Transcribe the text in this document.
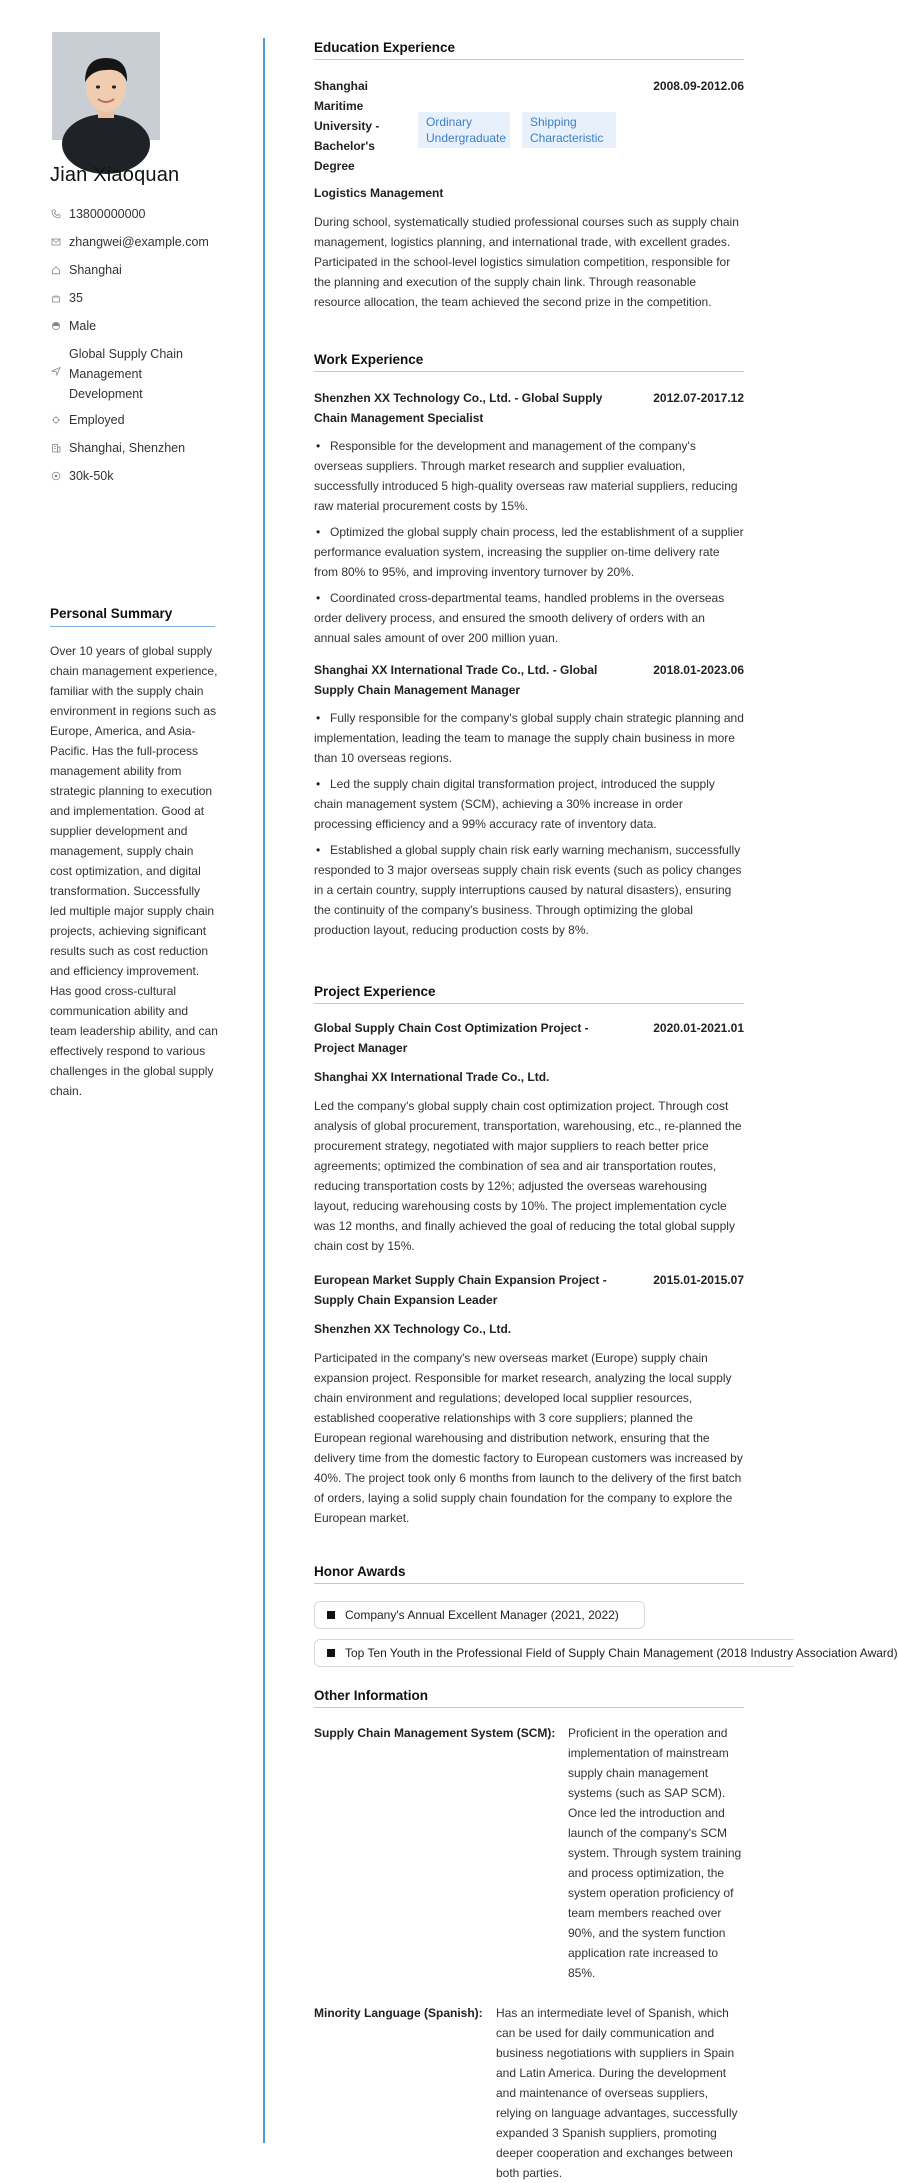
Jian Xiaoquan
13800000000
zhangwei@example.com
Shanghai
35
Male
Global Supply Chain Management Development
Employed
Shanghai, Shenzhen
30k-50k
Personal Summary
Over 10 years of global supply chain management experience, familiar with the supply chain environment in regions such as Europe, America, and Asia-Pacific. Has the full-process management ability from strategic planning to execution and implementation. Good at supplier development and management, supply chain cost optimization, and digital transformation. Successfully led multiple major supply chain projects, achieving significant results such as cost reduction and efficiency improvement. Has good cross-cultural communication ability and team leadership ability, and can effectively respond to various challenges in the global supply chain.
Education Experience
Shanghai Maritime University - Bachelor's Degree
Ordinary Undergraduate
Shipping Characteristic
2008.09-2012.06
Logistics Management
During school, systematically studied professional courses such as supply chain management, logistics planning, and international trade, with excellent grades. Participated in the school-level logistics simulation competition, responsible for the planning and execution of the supply chain link. Through reasonable resource allocation, the team achieved the second prize in the competition.
Work Experience
Shenzhen XX Technology Co., Ltd. - Global Supply Chain Management Specialist
2012.07-2017.12
• Responsible for the development and management of the company's overseas suppliers. Through market research and supplier evaluation, successfully introduced 5 high-quality overseas raw material suppliers, reducing raw material procurement costs by 15%.
• Optimized the global supply chain process, led the establishment of a supplier performance evaluation system, increasing the supplier on-time delivery rate from 80% to 95%, and improving inventory turnover by 20%.
• Coordinated cross-departmental teams, handled problems in the overseas order delivery process, and ensured the smooth delivery of orders with an annual sales amount of over 200 million yuan.
Shanghai XX International Trade Co., Ltd. - Global Supply Chain Management Manager
2018.01-2023.06
• Fully responsible for the company's global supply chain strategic planning and implementation, leading the team to manage the supply chain business in more than 10 overseas regions.
• Led the supply chain digital transformation project, introduced the supply chain management system (SCM), achieving a 30% increase in order processing efficiency and a 99% accuracy rate of inventory data.
• Established a global supply chain risk early warning mechanism, successfully responded to 3 major overseas supply chain risk events (such as policy changes in a certain country, supply interruptions caused by natural disasters), ensuring the continuity of the company's business. Through optimizing the global production layout, reducing production costs by 8%.
Project Experience
Global Supply Chain Cost Optimization Project - Project Manager
2020.01-2021.01
Shanghai XX International Trade Co., Ltd.
Led the company's global supply chain cost optimization project. Through cost analysis of global procurement, transportation, warehousing, etc., re-planned the procurement strategy, negotiated with major suppliers to reach better price agreements; optimized the combination of sea and air transportation routes, reducing transportation costs by 12%; adjusted the overseas warehousing layout, reducing warehousing costs by 10%. The project implementation cycle was 12 months, and finally achieved the goal of reducing the total global supply chain cost by 15%.
European Market Supply Chain Expansion Project - Supply Chain Expansion Leader
2015.01-2015.07
Shenzhen XX Technology Co., Ltd.
Participated in the company's new overseas market (Europe) supply chain expansion project. Responsible for market research, analyzing the local supply chain environment and regulations; developed local supplier resources, established cooperative relationships with 3 core suppliers; planned the European regional warehousing and distribution network, ensuring that the delivery time from the domestic factory to European customers was increased by 40%. The project took only 6 months from launch to the delivery of the first batch of orders, laying a solid supply chain foundation for the company to explore the European market.
Honor Awards
Company's Annual Excellent Manager (2021, 2022)
Top Ten Youth in the Professional Field of Supply Chain Management (2018 Industry Association Award)
Other Information
Supply Chain Management System (SCM): Proficient in the operation and implementation of mainstream supply chain management systems (such as SAP SCM). Once led the introduction and launch of the company's SCM system. Through system training and process optimization, the system operation proficiency of team members reached over 90%, and the system function application rate increased to 85%.
Minority Language (Spanish): Has an intermediate level of Spanish, which can be used for daily communication and business negotiations with suppliers in Spain and Latin America. During the development and maintenance of overseas suppliers, relying on language advantages, successfully expanded 3 Spanish suppliers, promoting deeper cooperation and exchanges between both parties.
